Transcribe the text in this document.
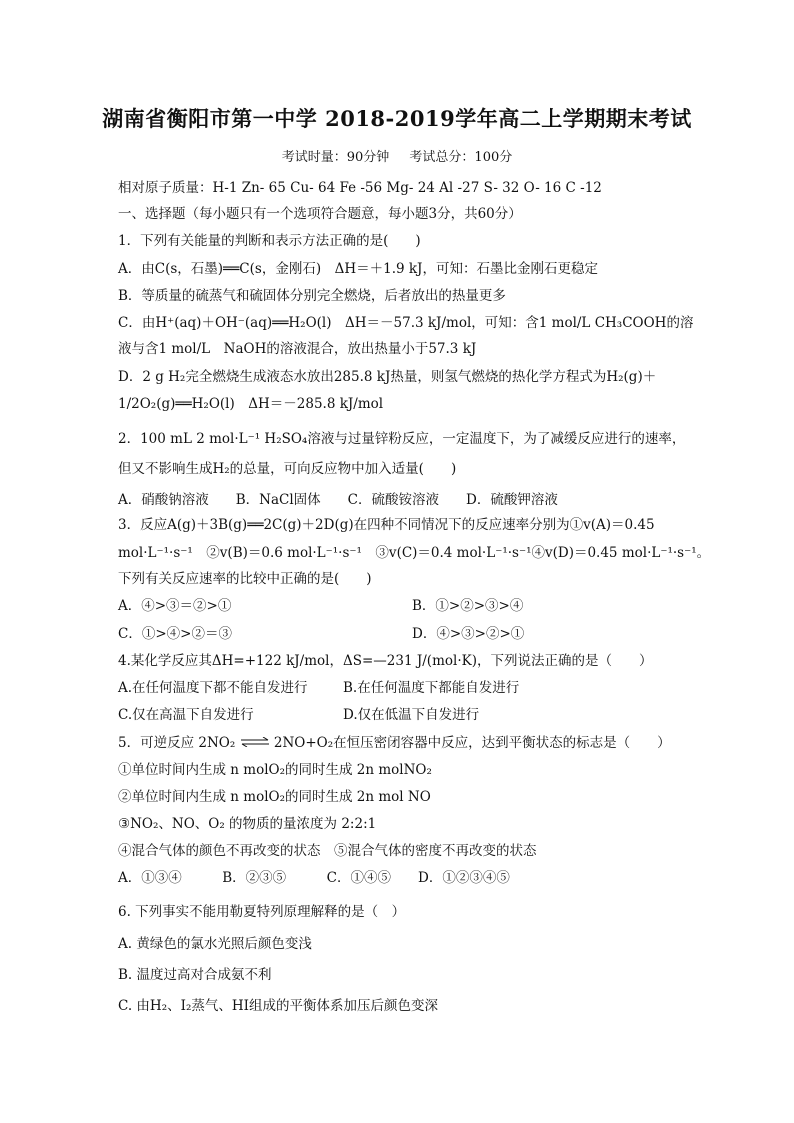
湖南省衡阳市第一中学 2018-2019学年高二上学期期末考试
考试时量：90分钟 考试总分：100分
相对原子质量：H-1 Zn- 65 Cu- 64 Fe -56 Mg- 24 Al -27 S- 32 O- 16 C -12
一、选择题（每小题只有一个选项符合题意，每小题3分，共60分）
1．下列有关能量的判断和表示方法正确的是(　　)
A．由C(s，石墨)══C(s，金刚石)　ΔH＝＋1.9 kJ，可知：石墨比金刚石更稳定
B．等质量的硫蒸气和硫固体分别完全燃烧，后者放出的热量更多
C．由H⁺(aq)＋OH⁻(aq)══H₂O(l)　ΔH＝－57.3 kJ/mol，可知：含1 mol/L CH₃COOH的溶
液与含1 mol/L　NaOH的溶液混合，放出热量小于57.3 kJ
D．2 g H₂完全燃烧生成液态水放出285.8 kJ热量，则氢气燃烧的热化学方程式为H₂(g)＋
1/2O₂(g)══H₂O(l)　ΔH＝－285.8 kJ/mol
2．100 mL 2 mol·L⁻¹ H₂SO₄溶液与过量锌粉反应，一定温度下，为了减缓反应进行的速率，
但又不影响生成H₂的总量，可向反应物中加入适量(　　)
A．硝酸钠溶液　　B．NaCl固体　　C．硫酸铵溶液　　D．硫酸钾溶液
3．反应A(g)＋3B(g)══2C(g)＋2D(g)在四种不同情况下的反应速率分别为①v(A)＝0.45
mol·L⁻¹·s⁻¹　②v(B)＝0.6 mol·L⁻¹·s⁻¹　③v(C)＝0.4 mol·L⁻¹·s⁻¹④v(D)＝0.45 mol·L⁻¹·s⁻¹。
下列有关反应速率的比较中正确的是(　　)
A．④>③＝②>①	B．①>②>③>④
C．①>④>②＝③	D．④>③>②>①
4.某化学反应其ΔH=+122 kJ/mol，ΔS=—231 J/(mol·K)，下列说法正确的是（　　）
A.在任何温度下都不能自发进行	B.在任何温度下都能自发进行
C.仅在高温下自发进行	D.仅在低温下自发进行
5．可逆反应 2NO₂ ⇌ 2NO+O₂在恒压密闭容器中反应，达到平衡状态的标志是（　　）
①单位时间内生成 n molO₂的同时生成 2n molNO₂
②单位时间内生成 n molO₂的同时生成 2n mol NO
③NO₂、NO、O₂ 的物质的量浓度为 2:2:1
④混合气体的颜色不再改变的状态　⑤混合气体的密度不再改变的状态
A．①③④　　　B．②③⑤　　　C．①④⑤　　D．①②③④⑤
6. 下列事实不能用勒夏特列原理解释的是（　）
A. 黄绿色的氯水光照后颜色变浅
B. 温度过高对合成氨不利
C. 由H₂、I₂蒸气、HI组成的平衡体系加压后颜色变深
